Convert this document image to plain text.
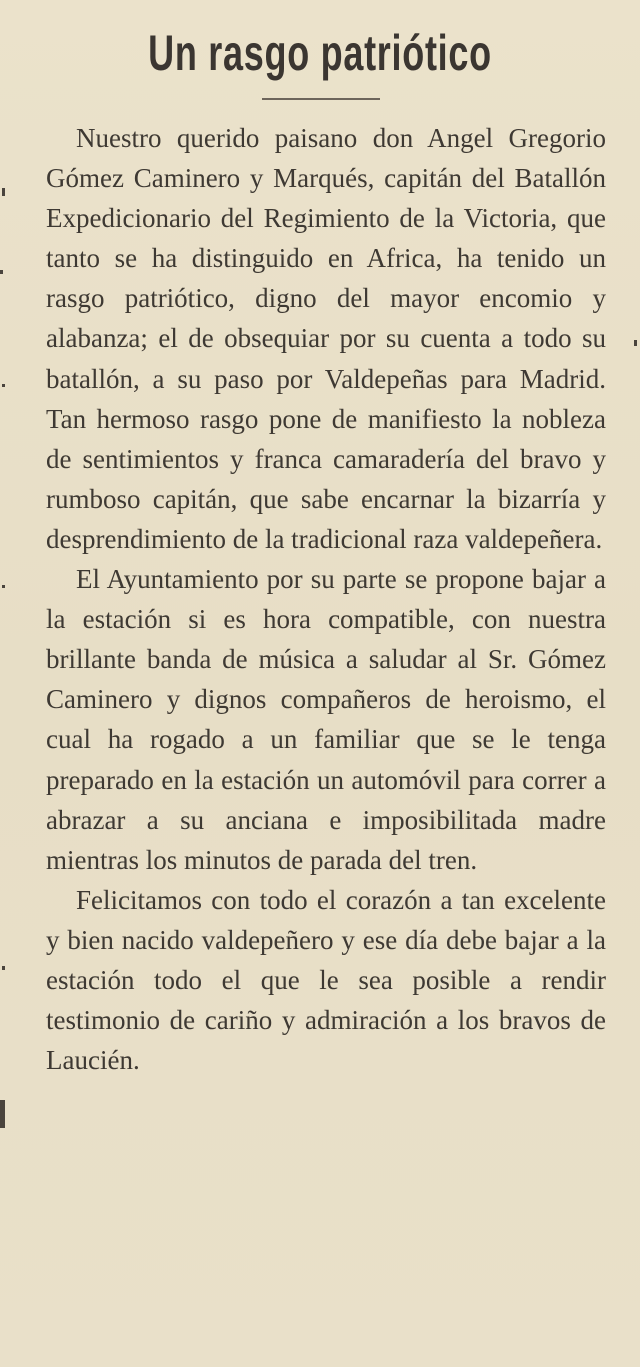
Un rasgo patriótico

Nuestro querido paisano don Angel Gregorio Gómez Caminero y Marqués, capitán del Batallón Expedicionario del Regimiento de la Victoria, que tanto se ha distinguido en Africa, ha tenido un rasgo patriótico, digno del mayor encomio y alabanza; el de obsequiar por su cuenta a todo su batallón, a su paso por Valdepeñas para Madrid. Tan hermoso rasgo pone de manifiesto la nobleza de sentimientos y franca camaradería del bravo y rumboso capitán, que sabe encarnar la bizarría y desprendimiento de la tradicional raza valdepeñera.

El Ayuntamiento por su parte se propone bajar a la estación si es hora compatible, con nuestra brillante banda de música a saludar al Sr. Gómez Caminero y dignos compañeros de heroismo, el cual ha rogado a un familiar que se le tenga preparado en la estación un automóvil para correr a abrazar a su anciana e imposibilitada madre mientras los minutos de parada del tren.

Felicitamos con todo el corazón a tan excelente y bien nacido valdepeñero y ese día debe bajar a la estación todo el que le sea posible a rendir testimonio de cariño y admiración a los bravos de Laucién.
